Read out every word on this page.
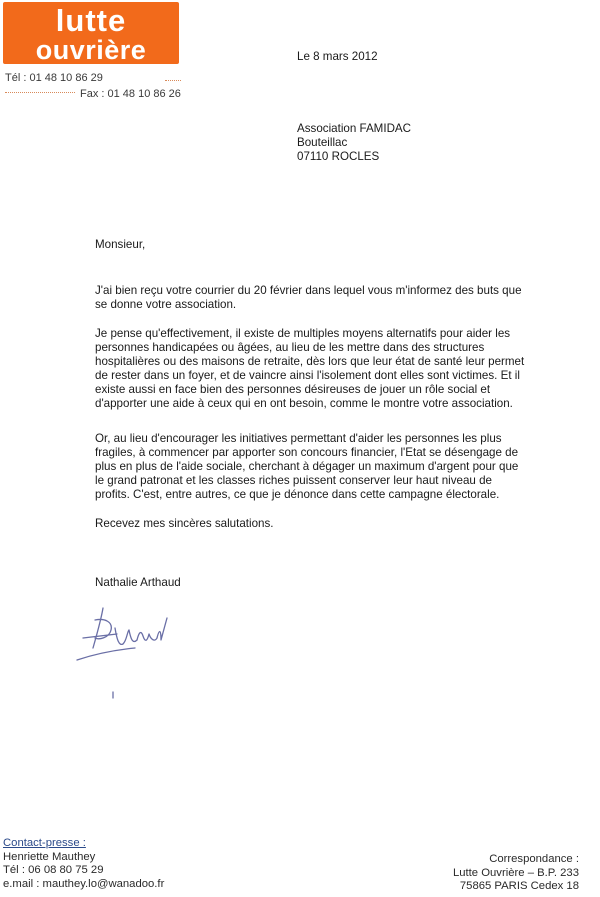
lutte
ouvrière
Tél : 01 48 10 86 29
Fax : 01 48 10 86 26
Le 8 mars 2012
Association FAMIDAC
Bouteillac
07110 ROCLES
Monsieur,
J'ai bien reçu votre courrier du 20 février dans lequel vous m'informez des buts que
se donne votre association.
Je pense qu'effectivement, il existe de multiples moyens alternatifs pour aider les
personnes handicapées ou âgées, au lieu de les mettre dans des structures
hospitalières ou des maisons de retraite, dès lors que leur état de santé leur permet
de rester dans un foyer, et de vaincre ainsi l'isolement dont elles sont victimes. Et il
existe aussi en face bien des personnes désireuses de jouer un rôle social et
d'apporter une aide à ceux qui en ont besoin, comme le montre votre association.
Or, au lieu d'encourager les initiatives permettant d'aider les personnes les plus
fragiles, à commencer par apporter son concours financier, l'Etat se désengage de
plus en plus de l'aide sociale, cherchant à dégager un maximum d'argent pour que
le grand patronat et les classes riches puissent conserver leur haut niveau de
profits. C'est, entre autres, ce que je dénonce dans cette campagne électorale.
Recevez mes sincères salutations.
Nathalie Arthaud
Contact-presse :
Henriette Mauthey
Tél : 06 08 80 75 29
e.mail : mauthey.lo@wanadoo.fr
Correspondance :
Lutte Ouvrière – B.P. 233
75865 PARIS Cedex 18
